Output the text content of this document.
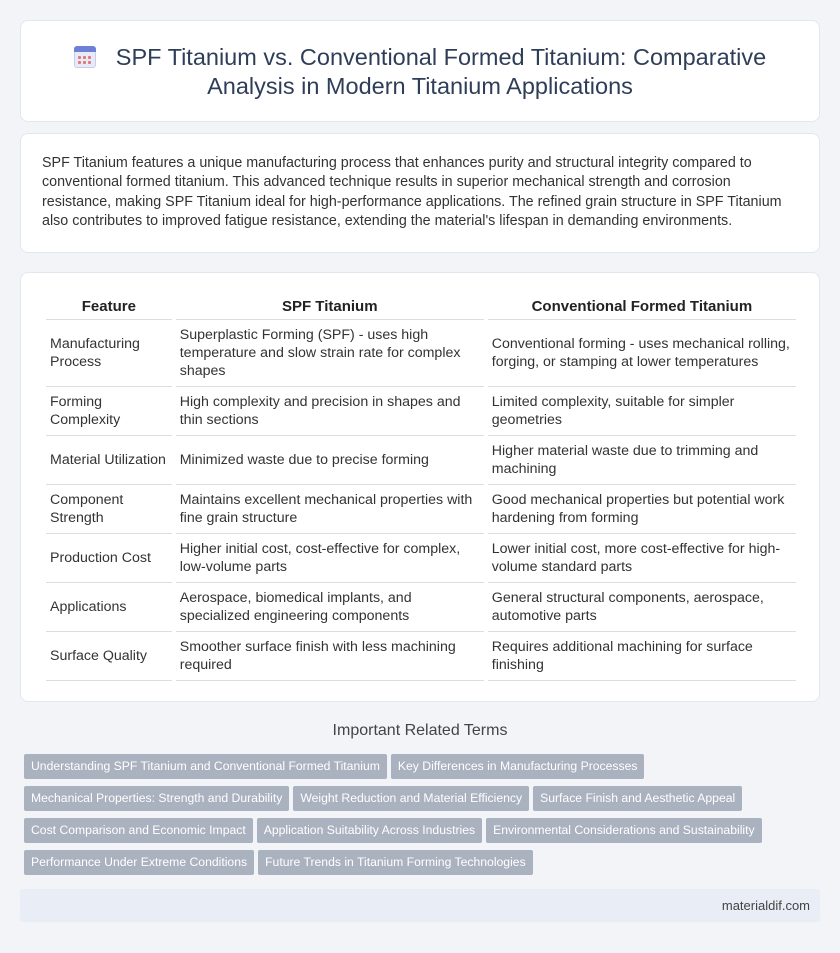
SPF Titanium vs. Conventional Formed Titanium: Comparative
Analysis in Modern Titanium Applications

SPF Titanium features a unique manufacturing process that enhances purity and structural integrity compared to conventional formed titanium. This advanced technique results in superior mechanical strength and corrosion resistance, making SPF Titanium ideal for high-performance applications. The refined grain structure in SPF Titanium also contributes to improved fatigue resistance, extending the material's lifespan in demanding environments.

Feature	SPF Titanium	Conventional Formed Titanium
Manufacturing Process	Superplastic Forming (SPF) - uses high temperature and slow strain rate for complex shapes	Conventional forming - uses mechanical rolling, forging, or stamping at lower temperatures
Forming Complexity	High complexity and precision in shapes and thin sections	Limited complexity, suitable for simpler geometries
Material Utilization	Minimized waste due to precise forming	Higher material waste due to trimming and machining
Component Strength	Maintains excellent mechanical properties with fine grain structure	Good mechanical properties but potential work hardening from forming
Production Cost	Higher initial cost, cost-effective for complex, low-volume parts	Lower initial cost, more cost-effective for high-volume standard parts
Applications	Aerospace, biomedical implants, and specialized engineering components	General structural components, aerospace, automotive parts
Surface Quality	Smoother surface finish with less machining required	Requires additional machining for surface finishing
Important Related Terms
Understanding SPF Titanium and Conventional Formed Titanium Key Differences in Manufacturing Processes
Mechanical Properties: Strength and Durability Weight Reduction and Material Efficiency Surface Finish and Aesthetic Appeal
Cost Comparison and Economic Impact Application Suitability Across Industries Environmental Considerations and Sustainability
Performance Under Extreme Conditions Future Trends in Titanium Forming Technologies
materialdif.com
